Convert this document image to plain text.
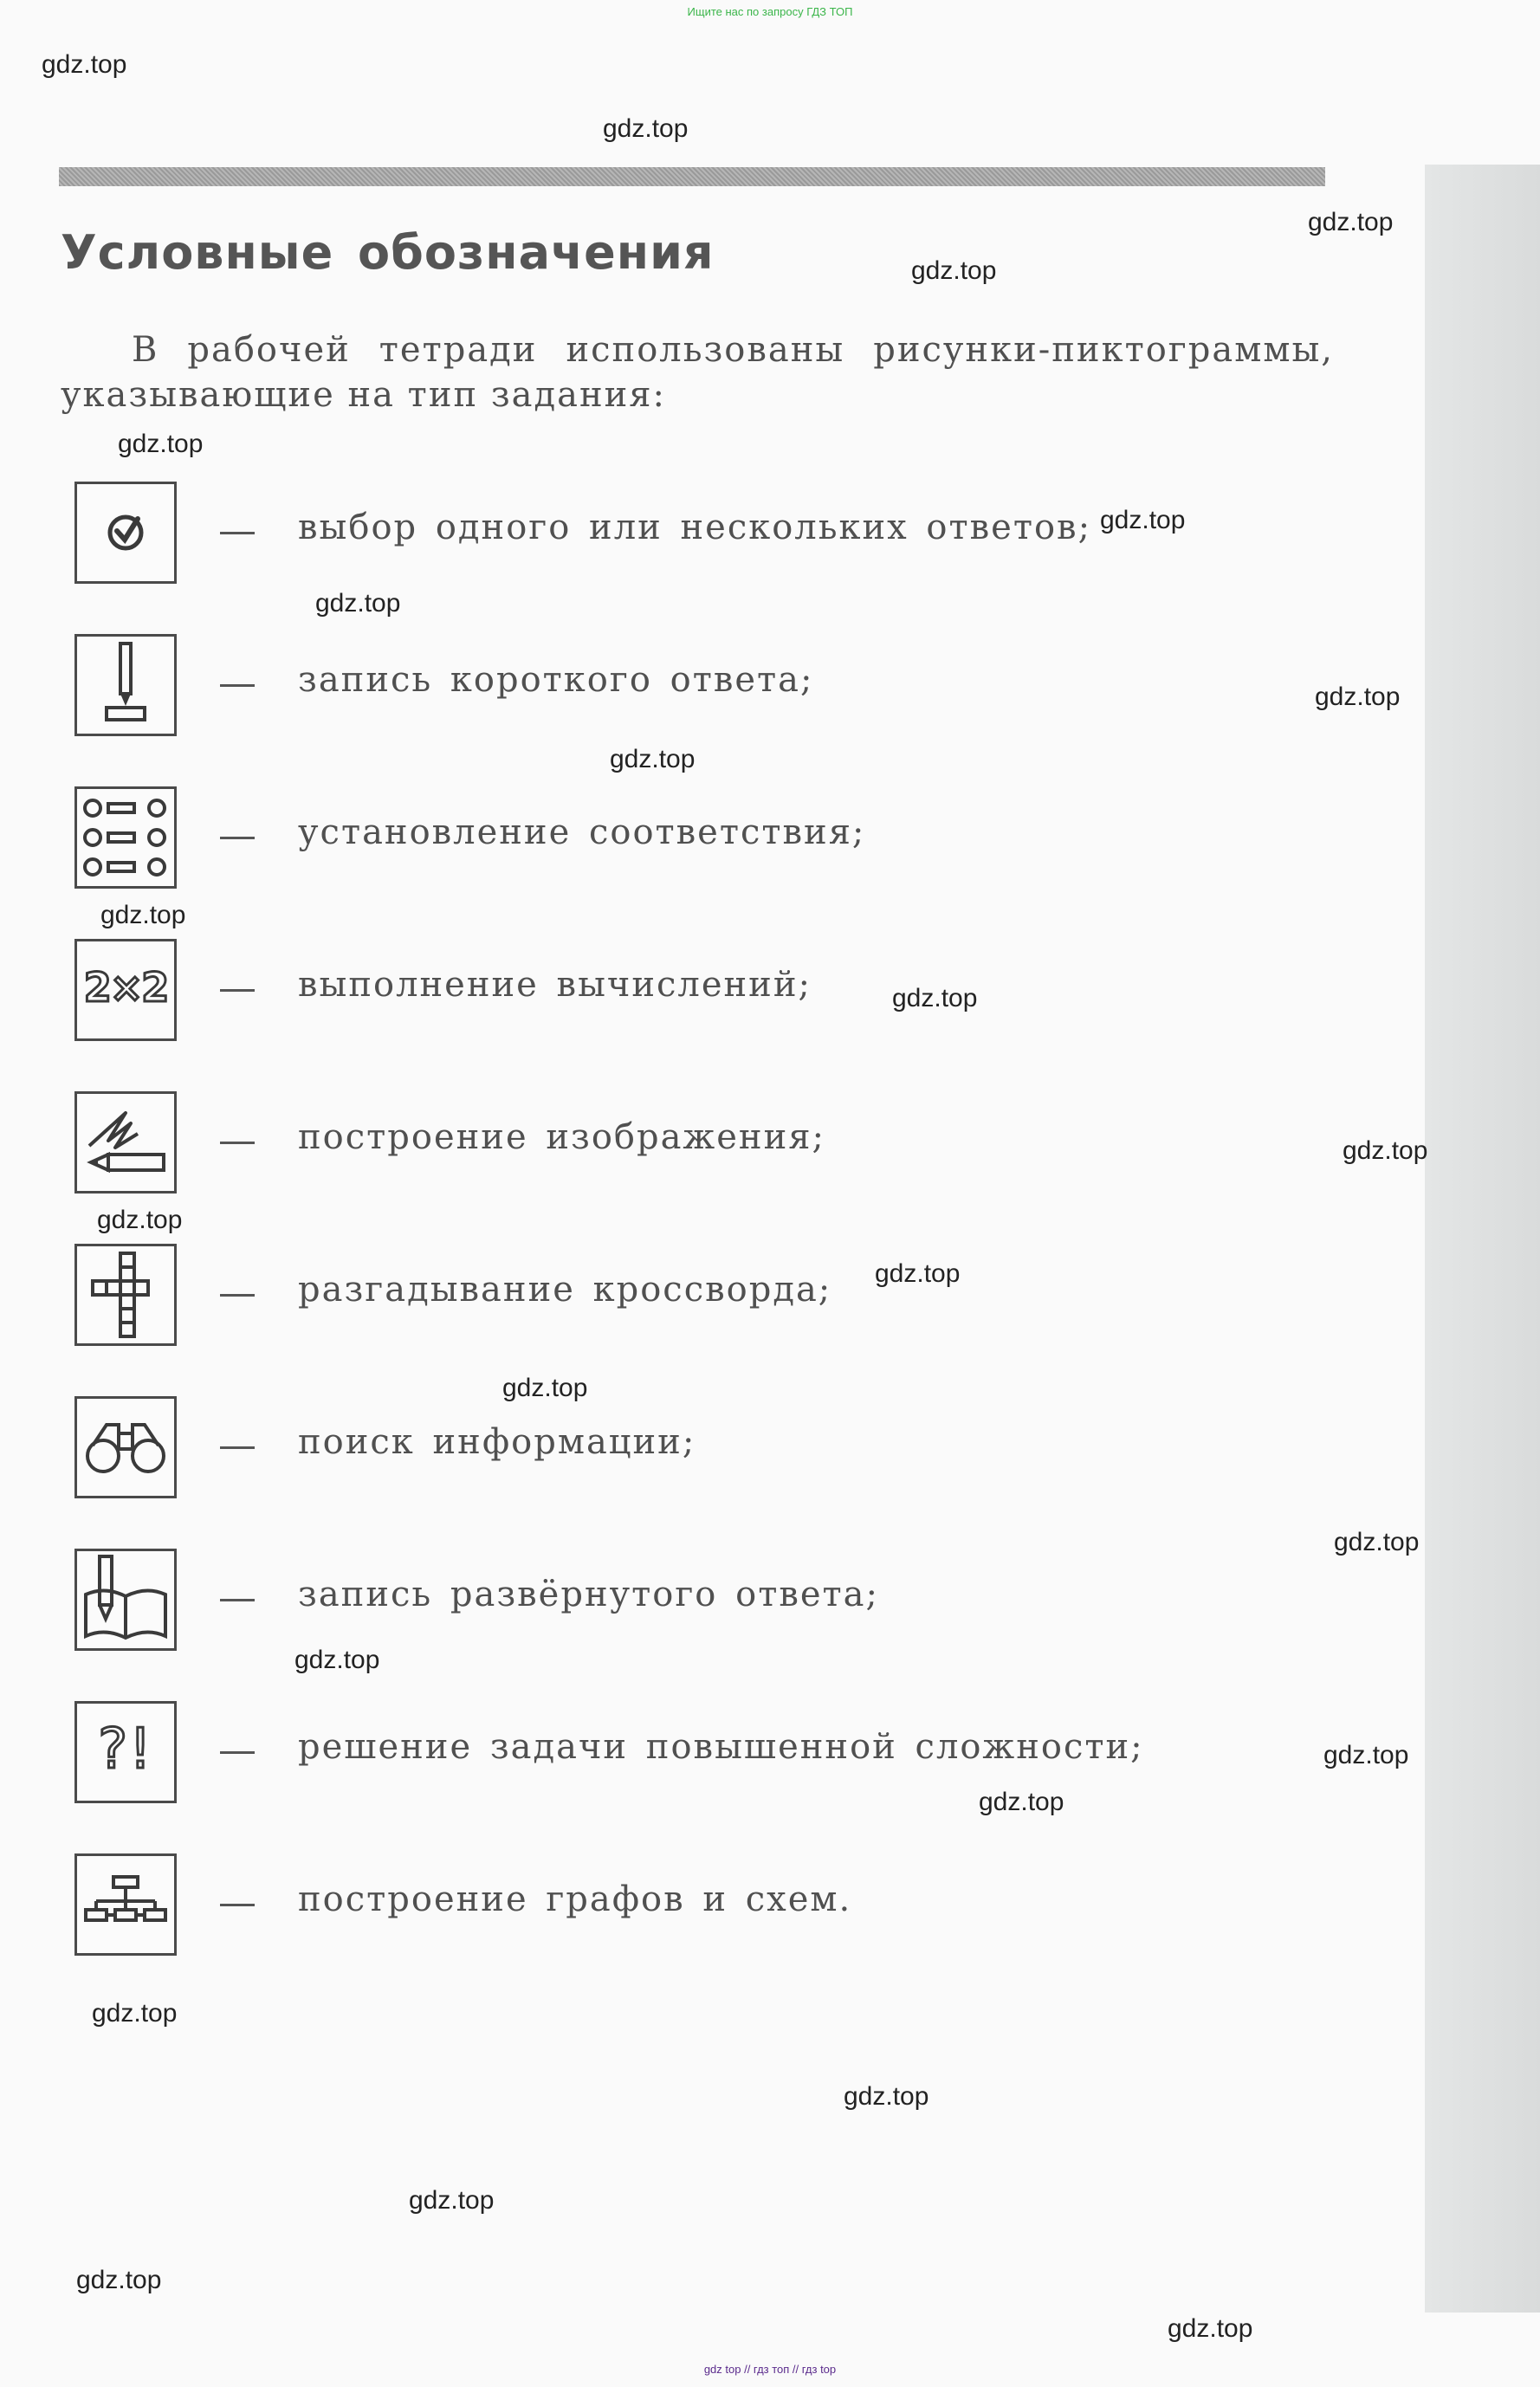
Ищите нас по запросу ГДЗ ТОП
Условные обозначения
В рабочей тетради использованы рисунки-пиктограммы,
указывающие на тип задания:
выбор одного или нескольких ответов;
запись короткого ответа;
установление соответствия;
2×2	выполнение вычислений;
построение изображения;
разгадывание кроссворда;
поиск информации;
запись развёрнутого ответа;
?!	решение задачи повышенной сложности;
построение графов и схем.
gdz.top
gdz.top
gdz.top
gdz.top
gdz.top
gdz.top
gdz.top
gdz.top
gdz.top
gdz.top
gdz.top
gdz.top
gdz.top
gdz.top
gdz.top
gdz.top
gdz.top
gdz.top
gdz.top
gdz.top
gdz.top
gdz.top
gdz.top
gdz.top
gdz top // гдз топ // гдз top
